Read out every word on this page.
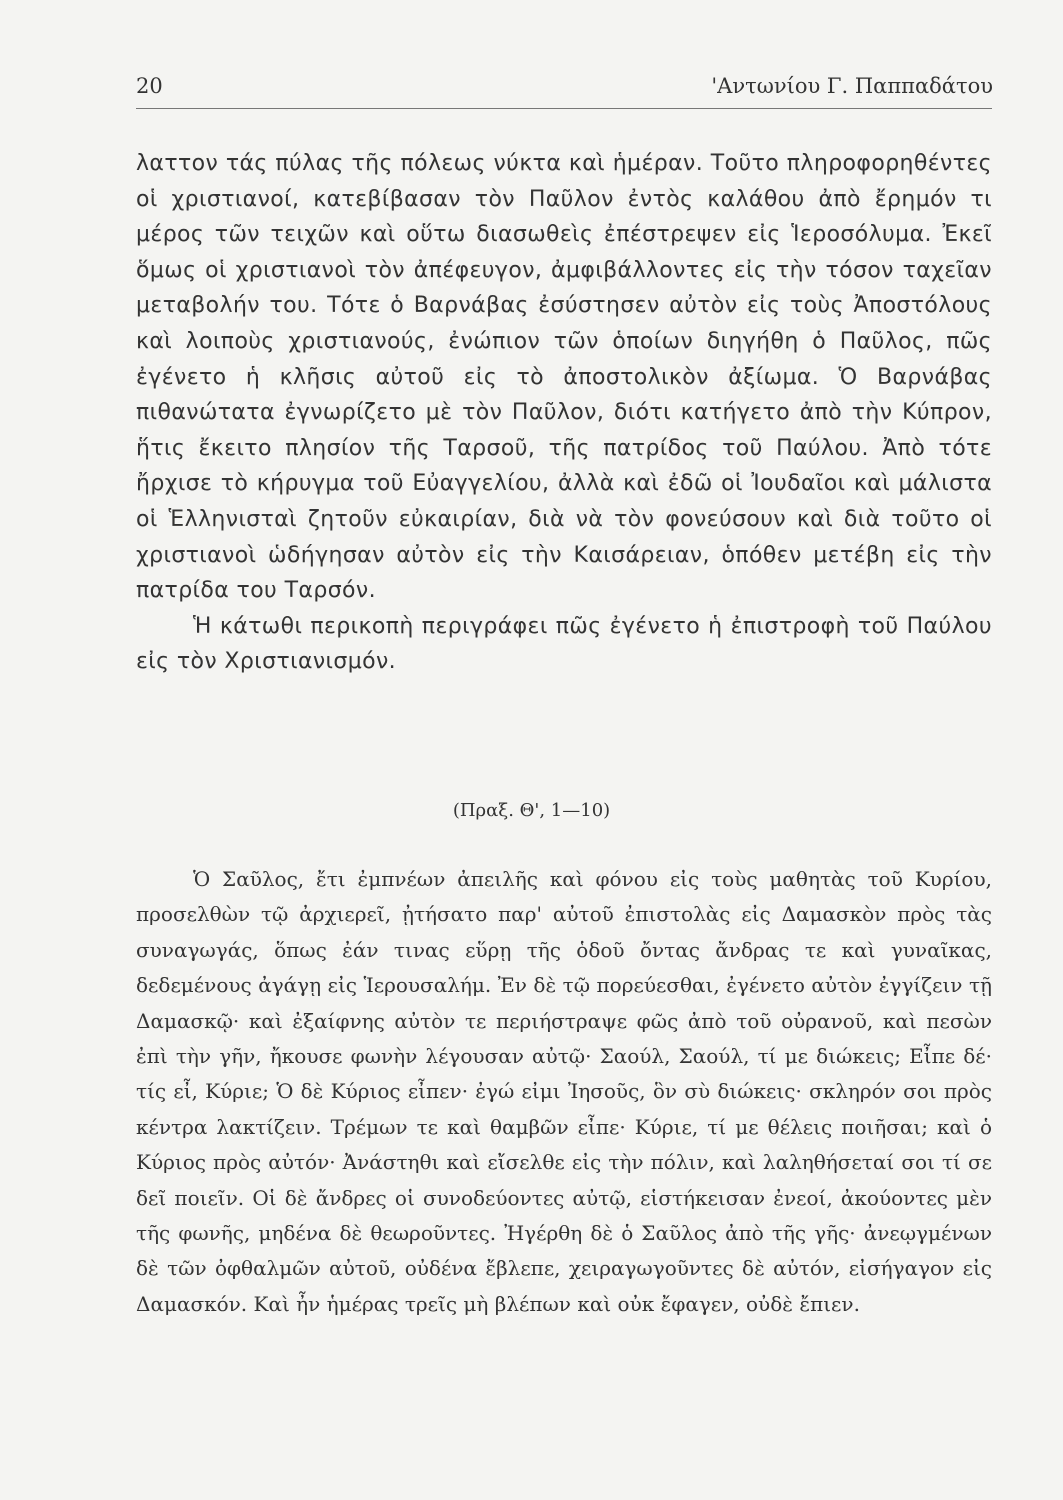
20	'Αντωνίου Γ. Παππαδάτου

λαττον τάς πύλας τῆς πόλεως νύκτα καὶ ἡμέραν. Τοῦτο πληροφορηθέντες οἱ χριστιανοί, κατεβίβασαν τὸν Παῦλον ἐντὸς καλάθου ἀπὸ ἔρημόν τι μέρος τῶν τειχῶν καὶ οὕτω διασωθεὶς ἐπέστρεψεν εἰς Ἱεροσόλυμα. Ἐκεῖ ὅμως οἱ χριστιανοὶ τὸν ἀπέφευγον, ἀμφιβάλλοντες εἰς τὴν τόσον ταχεῖαν μεταβολήν του. Τότε ὁ Βαρνάβας ἐσύστησεν αὐτὸν εἰς τοὺς Ἀποστόλους καὶ λοιποὺς χριστιανούς, ἐνώπιον τῶν ὁποίων διηγήθη ὁ Παῦλος, πῶς ἐγένετο ἡ κλῆσις αὐτοῦ εἰς τὸ ἀποστολικὸν ἀξίωμα. Ὁ Βαρνάβας πιθανώτατα ἐγνωρίζετο μὲ τὸν Παῦλον, διότι κατήγετο ἀπὸ τὴν Κύπρον, ἥτις ἔκειτο πλησίον τῆς Ταρσοῦ, τῆς πατρίδος τοῦ Παύλου. Ἀπὸ τότε ἤρχισε τὸ κήρυγμα τοῦ Εὐαγγελίου, ἀλλὰ καὶ ἐδῶ οἱ Ἰουδαῖοι καὶ μάλιστα οἱ Ἑλληνισταὶ ζητοῦν εὐκαιρίαν, διὰ νὰ τὸν φονεύσουν καὶ διὰ τοῦτο οἱ χριστιανοὶ ὡδήγησαν αὐτὸν εἰς τὴν Καισάρειαν, ὁπόθεν μετέβη εἰς τὴν πατρίδα του Ταρσόν.

Ἡ κάτωθι περικοπὴ περιγράφει πῶς ἐγένετο ἡ ἐπιστροφὴ τοῦ Παύλου εἰς τὸν Χριστιανισμόν.

(Πραξ. Θ', 1—10)

Ὁ Σαῦλος, ἔτι ἐμπνέων ἀπειλῆς καὶ φόνου εἰς τοὺς μαθητὰς τοῦ Κυρίου, προσελθὼν τῷ ἀρχιερεῖ, ᾐτήσατο παρ' αὐτοῦ ἐπιστολὰς εἰς Δαμασκὸν πρὸς τὰς συναγωγάς, ὅπως ἐάν τινας εὕρῃ τῆς ὁδοῦ ὄντας ἄνδρας τε καὶ γυναῖκας, δεδεμένους ἀγάγῃ εἰς Ἱερουσαλήμ. Ἐν δὲ τῷ πορεύεσθαι, ἐγένετο αὐτὸν ἐγγίζειν τῇ Δαμασκῷ· καὶ ἐξαίφνης αὐτὸν τε περιήστραψε φῶς ἀπὸ τοῦ οὐρανοῦ, καὶ πεσὼν ἐπὶ τὴν γῆν, ἤκουσε φωνὴν λέγουσαν αὐτῷ· Σαούλ, Σαούλ, τί με διώκεις; Εἶπε δέ· τίς εἶ, Κύριε; Ὁ δὲ Κύριος εἶπεν· ἐγώ εἰμι Ἰησοῦς, ὃν σὺ διώκεις· σκληρόν σοι πρὸς κέντρα λακτίζειν. Τρέμων τε καὶ θαμβῶν εἶπε· Κύριε, τί με θέλεις ποιῆσαι; καὶ ὁ Κύριος πρὸς αὐτόν· Ἀνάστηθι καὶ εἴσελθε εἰς τὴν πόλιν, καὶ λαληθήσεταί σοι τί σε δεῖ ποιεῖν. Οἱ δὲ ἄνδρες οἱ συνοδεύοντες αὐτῷ, εἱστήκεισαν ἐνεοί, ἀκούοντες μὲν τῆς φωνῆς, μηδένα δὲ θεωροῦντες. Ἠγέρθη δὲ ὁ Σαῦλος ἀπὸ τῆς γῆς· ἀνεῳγμένων δὲ τῶν ὀφθαλμῶν αὐτοῦ, οὐδένα ἔβλεπε, χειραγωγοῦντες δὲ αὐτόν, εἰσήγαγον εἰς Δαμασκόν. Καὶ ἦν ἡμέρας τρεῖς μὴ βλέπων καὶ οὐκ ἔφαγεν, οὐδὲ ἔπιεν.
